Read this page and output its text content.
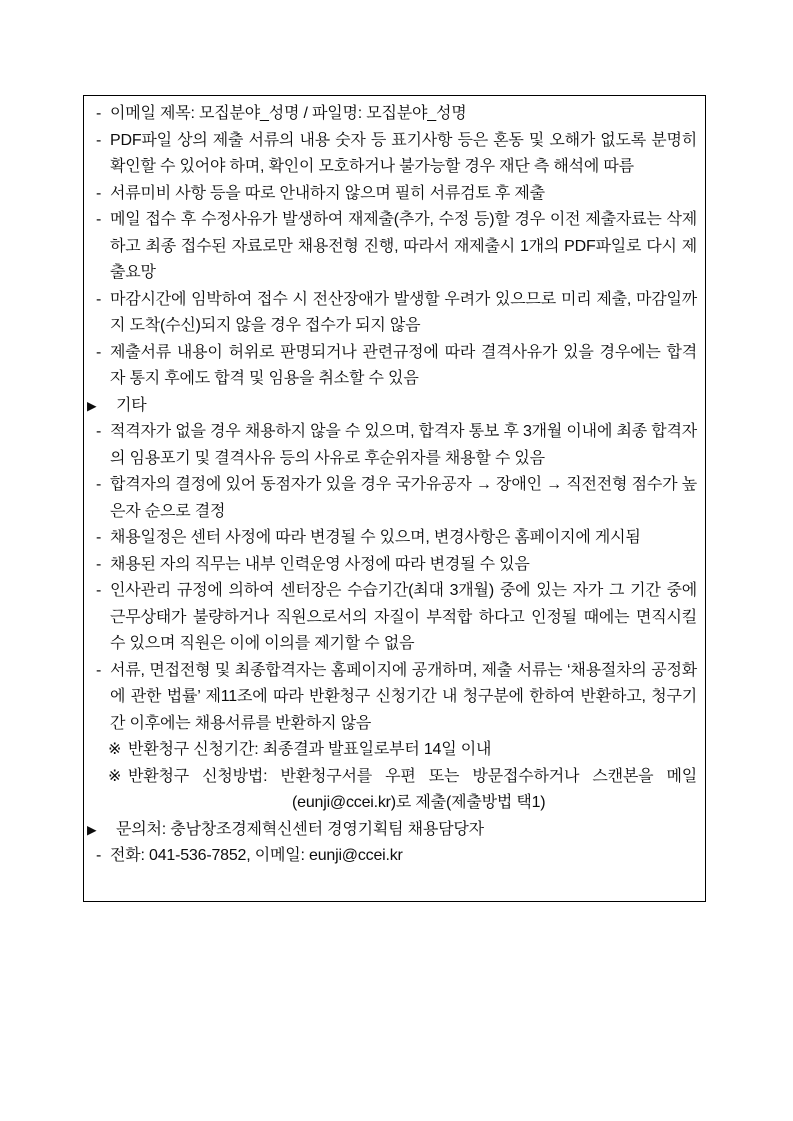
- 이메일 제목: 모집분야_성명 / 파일명: 모집분야_성명
- PDF파일 상의 제출 서류의 내용 숫자 등 표기사항 등은 혼동 및 오해가 없도록 분명히 확인할 수 있어야 하며, 확인이 모호하거나 불가능할 경우 재단 측 해석에 따름
- 서류미비 사항 등을 따로 안내하지 않으며 필히 서류검토 후 제출
- 메일 접수 후 수정사유가 발생하여 재제출(추가, 수정 등)할 경우 이전 제출자료는 삭제하고 최종 접수된 자료로만 채용전형 진행, 따라서 재제출시 1개의 PDF파일로 다시 제출요망
- 마감시간에 임박하여 접수 시 전산장애가 발생할 우려가 있으므로 미리 제출, 마감일까지 도착(수신)되지 않을 경우 접수가 되지 않음
- 제출서류 내용이 허위로 판명되거나 관련규정에 따라 결격사유가 있을 경우에는 합격자 통지 후에도 합격 및 임용을 취소할 수 있음
▶ 기타
- 적격자가 없을 경우 채용하지 않을 수 있으며, 합격자 통보 후 3개월 이내에 최종 합격자의 임용포기 및 결격사유 등의 사유로 후순위자를 채용할 수 있음
- 합격자의 결정에 있어 동점자가 있을 경우 국가유공자 → 장애인 → 직전전형 점수가 높은자 순으로 결정
- 채용일정은 센터 사정에 따라 변경될 수 있으며, 변경사항은 홈페이지에 게시됨
- 채용된 자의 직무는 내부 인력운영 사정에 따라 변경될 수 있음
- 인사관리 규정에 의하여 센터장은 수습기간(최대 3개월) 중에 있는 자가 그 기간 중에 근무상태가 불량하거나 직원으로서의 자질이 부적합 하다고 인정될 때에는 면직시킬 수 있으며 직원은 이에 이의를 제기할 수 없음
- 서류, 면접전형 및 최종합격자는 홈페이지에 공개하며, 제출 서류는 ‘채용절차의 공정화에 관한 법률’ 제11조에 따라 반환청구 신청기간 내 청구분에 한하여 반환하고, 청구기간 이후에는 채용서류를 반환하지 않음
※ 반환청구 신청기간: 최종결과 발표일로부터 14일 이내
※ 반환청구 신청방법: 반환청구서를 우편 또는 방문접수하거나 스캔본을 메일
(eunji@ccei.kr)로 제출(제출방법 택1)
▶ 문의처: 충남창조경제혁신센터 경영기획팀 채용담당자
- 전화: 041-536-7852, 이메일: eunji@ccei.kr
